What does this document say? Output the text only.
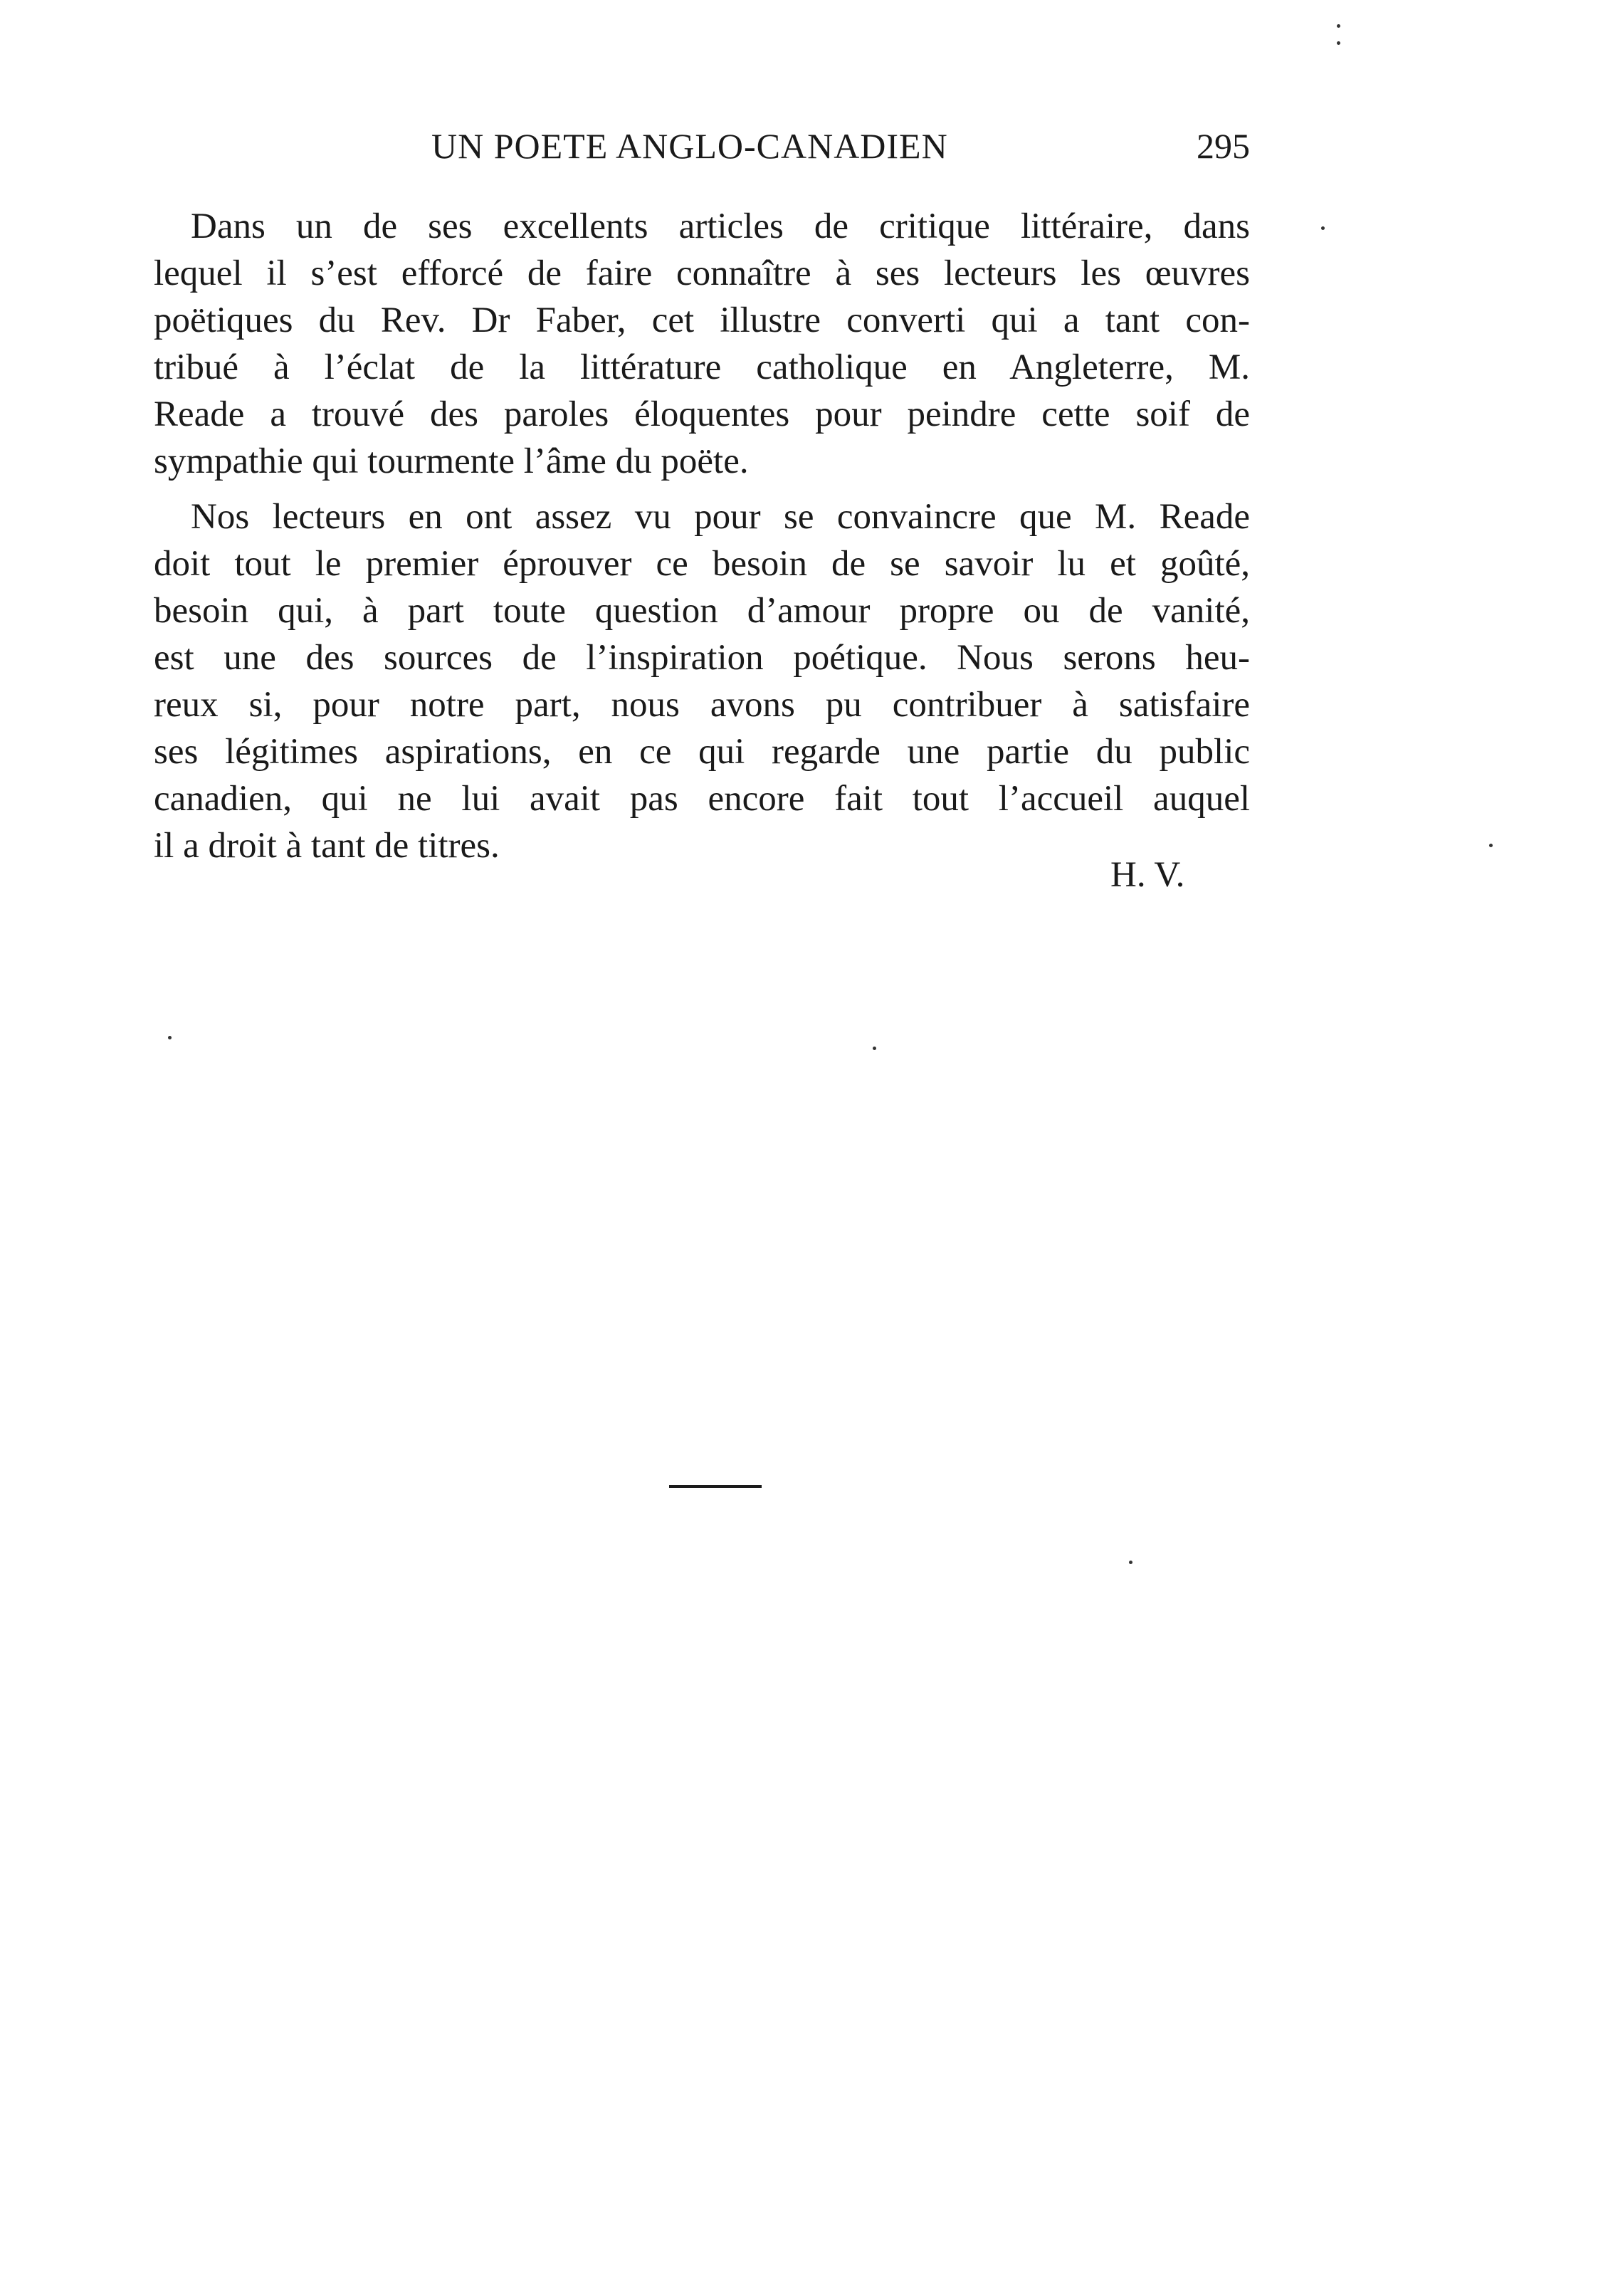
UN POETE ANGLO-CANADIEN	295
Dans un de ses excellents articles de critique littéraire, dans
lequel il s’est efforcé de faire connaître à ses lecteurs les œuvres
poëtiques du Rev. Dr Faber, cet illustre converti qui a tant con-
tribué à l’éclat de la littérature catholique en Angleterre, M.
Reade a trouvé des paroles éloquentes pour peindre cette soif de
sympathie qui tourmente l’âme du poëte.
Nos lecteurs en ont assez vu pour se convaincre que M. Reade
doit tout le premier éprouver ce besoin de se savoir lu et goûté,
besoin qui, à part toute question d’amour propre ou de vanité,
est une des sources de l’inspiration poétique. Nous serons heu-
reux si, pour notre part, nous avons pu contribuer à satisfaire
ses légitimes aspirations, en ce qui regarde une partie du public
canadien, qui ne lui avait pas encore fait tout l’accueil auquel
il a droit à tant de titres.
H. V.
